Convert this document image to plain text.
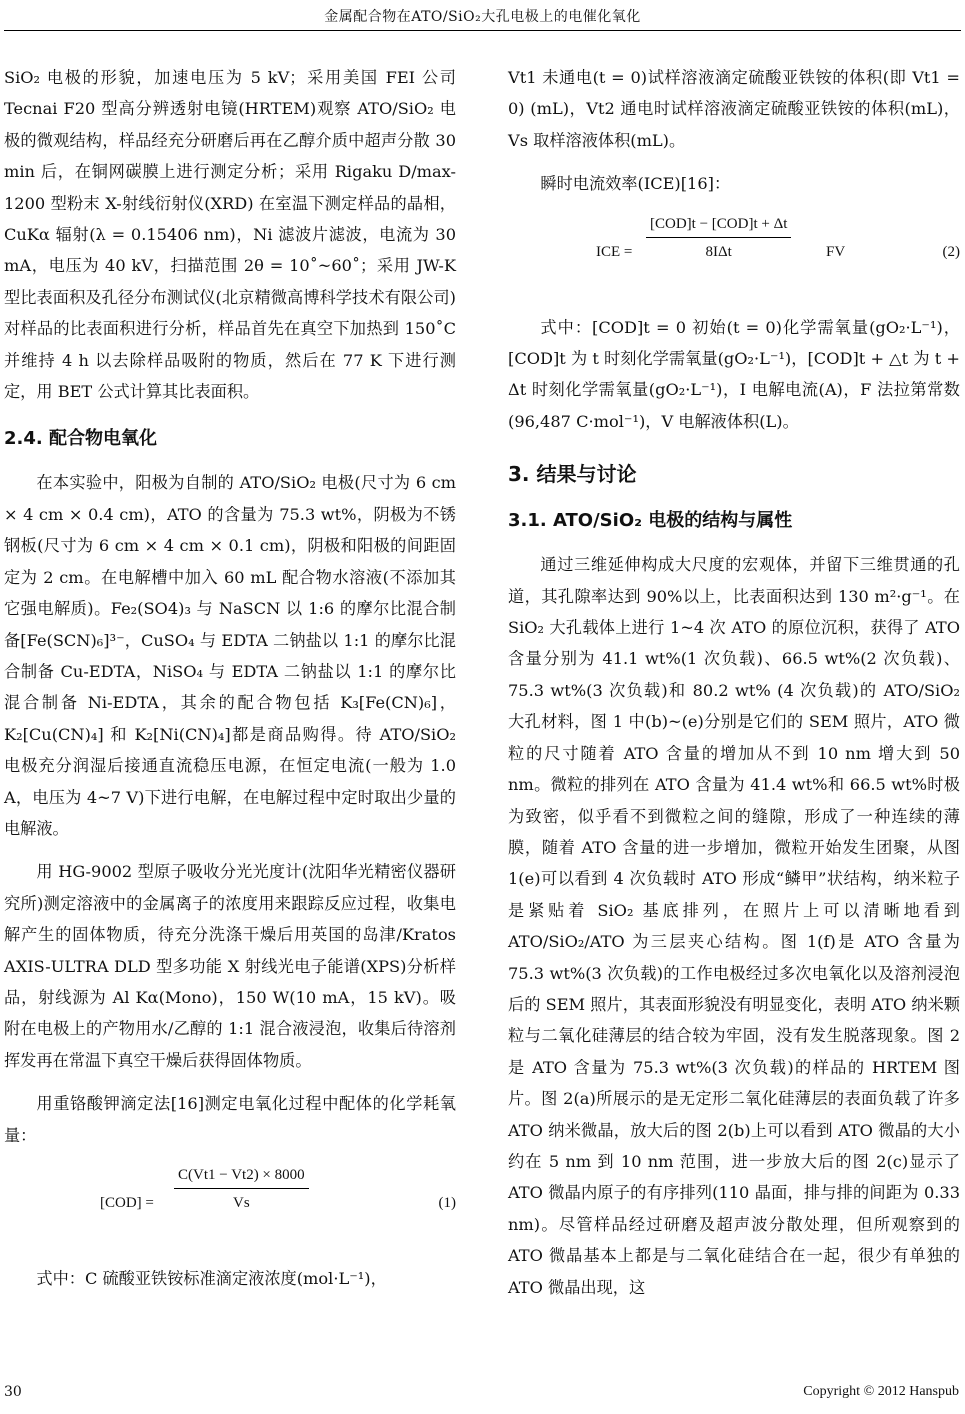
金属配合物在ATO/SiO₂大孔电极上的电催化氧化

SiO₂ 电极的形貌，加速电压为 5 kV；采用美国 FEI 公司 Tecnai F20 型高分辨透射电镜(HRTEM)观察 ATO/SiO₂ 电极的微观结构，样品经充分研磨后再在乙醇介质中超声分散 30 min 后，在铜网碳膜上进行测定分析；采用 Rigaku D/max-1200 型粉末 X-射线衍射仪(XRD) 在室温下测定样品的晶相，CuKα 辐射(λ = 0.15406 nm)，Ni 滤波片滤波，电流为 30 mA，电压为 40 kV，扫描范围 2θ = 10˚~60˚；采用 JW-K 型比表面积及孔径分布测试仪(北京精微高博科学技术有限公司)对样品的比表面积进行分析，样品首先在真空下加热到 150˚C 并维持 4 h 以去除样品吸附的物质，然后在 77 K 下进行测定，用 BET 公式计算其比表面积。

2.4. 配合物电氧化

在本实验中，阳极为自制的 ATO/SiO₂ 电极(尺寸为 6 cm × 4 cm × 0.4 cm)，ATO 的含量为 75.3 wt%，阴极为不锈钢板(尺寸为 6 cm × 4 cm × 0.1 cm)，阴极和阳极的间距固定为 2 cm。在电解槽中加入 60 mL 配合物水溶液(不添加其它强电解质)。Fe₂(SO4)₃ 与 NaSCN 以 1:6 的摩尔比混合制备[Fe(SCN)₆]³⁻，CuSO₄ 与 EDTA 二钠盐以 1:1 的摩尔比混合制备 Cu-EDTA，NiSO₄ 与 EDTA 二钠盐以 1:1 的摩尔比混合制备 Ni-EDTA，其余的配合物包括 K₃[Fe(CN)₆]，K₂[Cu(CN)₄] 和 K₂[Ni(CN)₄]都是商品购得。待 ATO/SiO₂ 电极充分润湿后接通直流稳压电源，在恒定电流(一般为 1.0 A，电压为 4~7 V)下进行电解，在电解过程中定时取出少量的电解液。

用 HG-9002 型原子吸收分光光度计(沈阳华光精密仪器研究所)测定溶液中的金属离子的浓度用来跟踪反应过程，收集电解产生的固体物质，待充分洗涤干燥后用英国的岛津/Kratos AXIS-ULTRA DLD 型多功能 X 射线光电子能谱(XPS)分析样品，射线源为 Al Kα(Mono)，150 W(10 mA，15 kV)。吸附在电极上的产物用水/乙醇的 1:1 混合液浸泡，收集后待溶剂挥发再在常温下真空干燥后获得固体物质。

用重铬酸钾滴定法[16]测定电氧化过程中配体的化学耗氧量：

$[COD] = \frac{C(Vt1 - Vt2) \times 8000}{Vs}$	(1)

式中：C 硫酸亚铁铵标准滴定液浓度(mol·L⁻¹)，

Vt1 未通电(t = 0)试样溶液滴定硫酸亚铁铵的体积(即 Vt1 = 0) (mL)，Vt2 通电时试样溶液滴定硫酸亚铁铵的体积(mL)，Vs 取样溶液体积(mL)。

瞬时电流效率(ICE)[16]：

ICE =
[COD]t − [COD]t + Δt
8IΔt	FV	(2)

式中：[COD]t = 0 初始(t = 0)化学需氧量(gO₂·L⁻¹)，[COD]t 为 t 时刻化学需氧量(gO₂·L⁻¹)，[COD]t + △t 为 t + Δt 时刻化学需氧量(gO₂·L⁻¹)，I 电解电流(A)，F 法拉第常数(96,487 C·mol⁻¹)，V 电解液体积(L)。

3. 结果与讨论
3.1. ATO/SiO₂ 电极的结构与属性

通过三维延伸构成大尺度的宏观体，并留下三维贯通的孔道，其孔隙率达到 90%以上，比表面积达到 130 m²·g⁻¹。在 SiO₂ 大孔载体上进行 1~4 次 ATO 的原位沉积，获得了 ATO 含量分别为 41.1 wt%(1 次负载)、66.5 wt%(2 次负载)、75.3 wt%(3 次负载)和 80.2 wt% (4 次负载)的 ATO/SiO₂ 大孔材料，图 1 中(b)~(e)分别是它们的 SEM 照片，ATO 微粒的尺寸随着 ATO 含量的增加从不到 10 nm 增大到 50 nm。微粒的排列在 ATO 含量为 41.4 wt%和 66.5 wt%时极为致密，似乎看不到微粒之间的缝隙，形成了一种连续的薄膜，随着 ATO 含量的进一步增加，微粒开始发生团聚，从图 1(e)可以看到 4 次负载时 ATO 形成“鳞甲”状结构，纳米粒子是紧贴着 SiO₂ 基底排列，在照片上可以清晰地看到 ATO/SiO₂/ATO 为三层夹心结构。图 1(f)是 ATO 含量为 75.3 wt%(3 次负载)的工作电极经过多次电氧化以及溶剂浸泡后的 SEM 照片，其表面形貌没有明显变化，表明 ATO 纳米颗粒与二氧化硅薄层的结合较为牢固，没有发生脱落现象。图 2 是 ATO 含量为 75.3 wt%(3 次负载)的样品的 HRTEM 图片。图 2(a)所展示的是无定形二氧化硅薄层的表面负载了许多 ATO 纳米微晶，放大后的图 2(b)上可以看到 ATO 微晶的大小约在 5 nm 到 10 nm 范围，进一步放大后的图 2(c)显示了 ATO 微晶内原子的有序排列(110 晶面，排与排的间距为 0.33 nm)。尽管样品经过研磨及超声波分散处理，但所观察到的 ATO 微晶基本上都是与二氧化硅结合在一起，很少有单独的 ATO 微晶出现，这

30	Copyright © 2012 Hanspub
